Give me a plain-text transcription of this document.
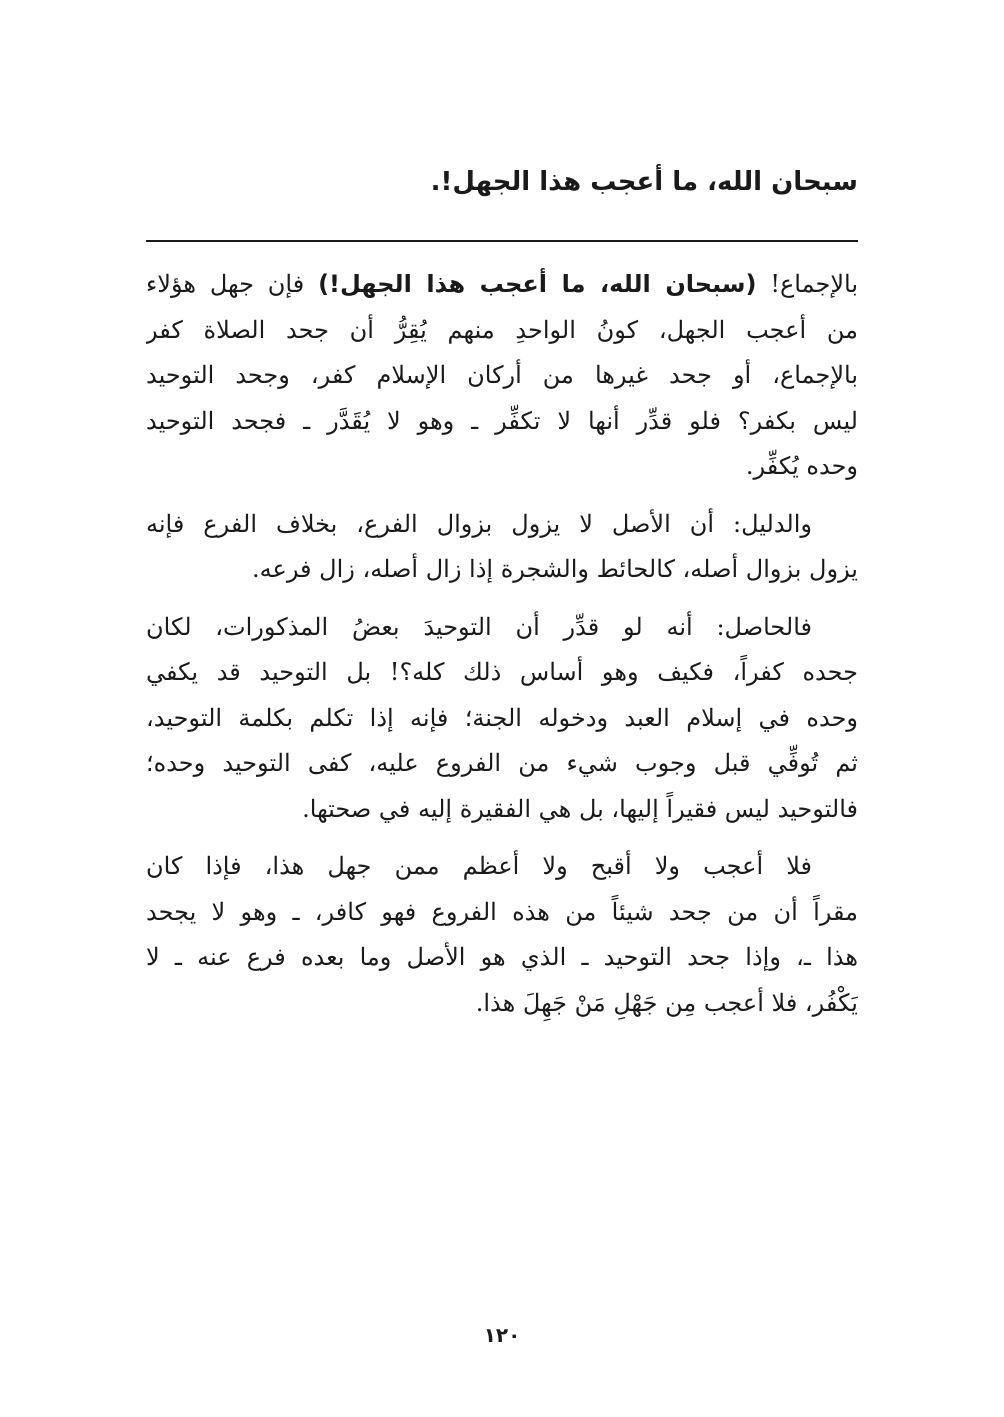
سبحان الله، ما أعجب هذا الجهل!.

بالإجماع! (سبحان الله، ما أعجب هذا الجهل!) فإن جهل هؤلاء
من أعجب الجهل، كونُ الواحدِ منهم يُقِرُّ أن جحد الصلاة كفر
بالإجماع، أو جحد غيرها من أركان الإسلام كفر، وجحد التوحيد
ليس بكفر؟ فلو قدِّر أنها لا تكفِّر ـ وهو لا يُقَدَّر ـ فجحد التوحيد
وحده يُكفِّر.

والدليل: أن الأصل لا يزول بزوال الفرع، بخلاف الفرع فإنه
يزول بزوال أصله، كالحائط والشجرة إذا زال أصله، زال فرعه.

فالحاصل: أنه لو قدِّر أن التوحيدَ بعضُ المذكورات، لكان
جحده كفراً، فكيف وهو أساس ذلك كله؟! بل التوحيد قد يكفي
وحده في إسلام العبد ودخوله الجنة؛ فإنه إذا تكلم بكلمة التوحيد،
ثم تُوفِّي قبل وجوب شيء من الفروع عليه، كفى التوحيد وحده؛
فالتوحيد ليس فقيراً إليها، بل هي الفقيرة إليه في صحتها.

فلا أعجب ولا أقبح ولا أعظم ممن جهل هذا، فإذا كان
مقراً أن من جحد شيئاً من هذه الفروع فهو كافر، ـ وهو لا يجحد
هذا ـ، وإذا جحد التوحيد ـ الذي هو الأصل وما بعده فرع عنه ـ لا
يَكْفُر، فلا أعجب مِن جَهْلِ مَنْ جَهِلَ هذا.

١٢٠
